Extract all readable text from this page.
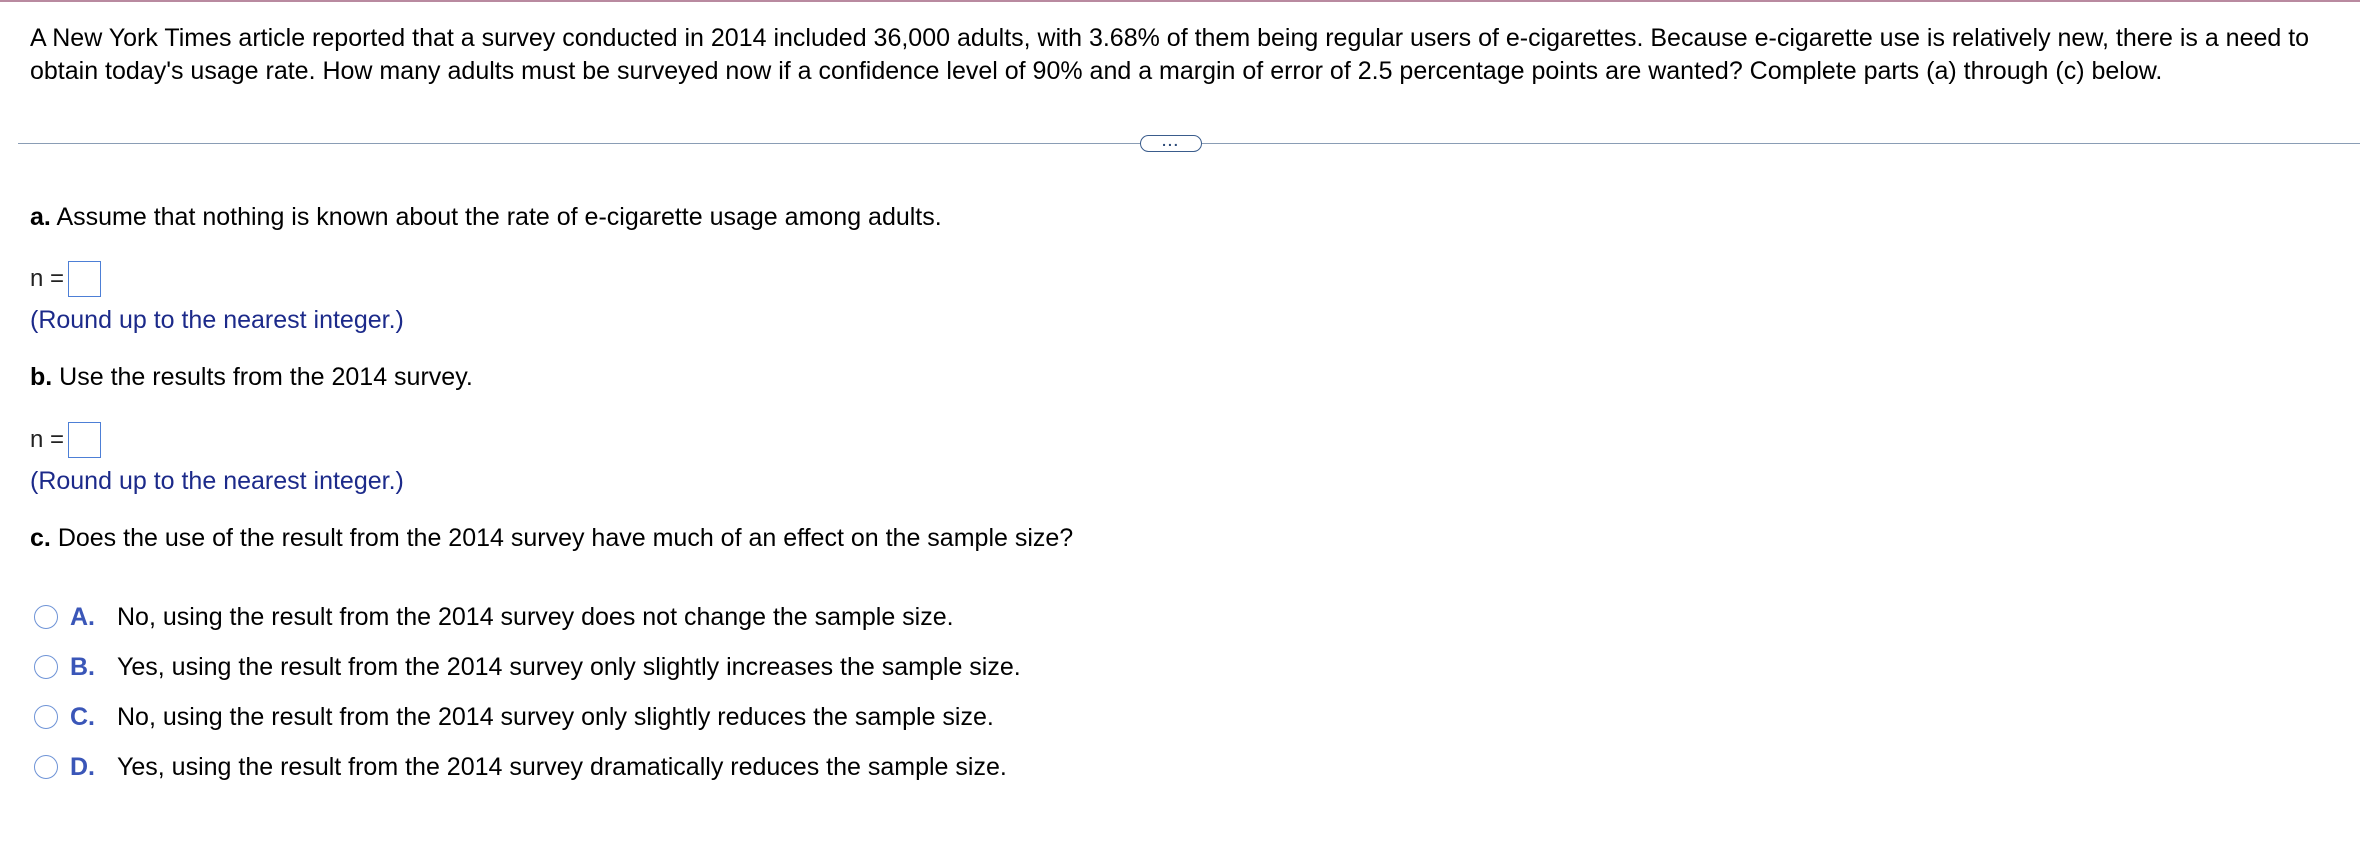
A New York Times article reported that a survey conducted in 2014 included 36,000 adults, with 3.68% of them being regular users of e-cigarettes. Because e-cigarette use is relatively new, there is a need to obtain today's usage rate. How many adults must be surveyed now if a confidence level of 90% and a margin of error of 2.5 percentage points are wanted? Complete parts (a) through (c) below.

...

a. Assume that nothing is known about the rate of e-cigarette usage among adults.

n =

(Round up to the nearest integer.)

b. Use the results from the 2014 survey.

n =

(Round up to the nearest integer.)

c. Does the use of the result from the 2014 survey have much of an effect on the sample size?

A. No, using the result from the 2014 survey does not change the sample size.
B. Yes, using the result from the 2014 survey only slightly increases the sample size.
C. No, using the result from the 2014 survey only slightly reduces the sample size.
D. Yes, using the result from the 2014 survey dramatically reduces the sample size.
